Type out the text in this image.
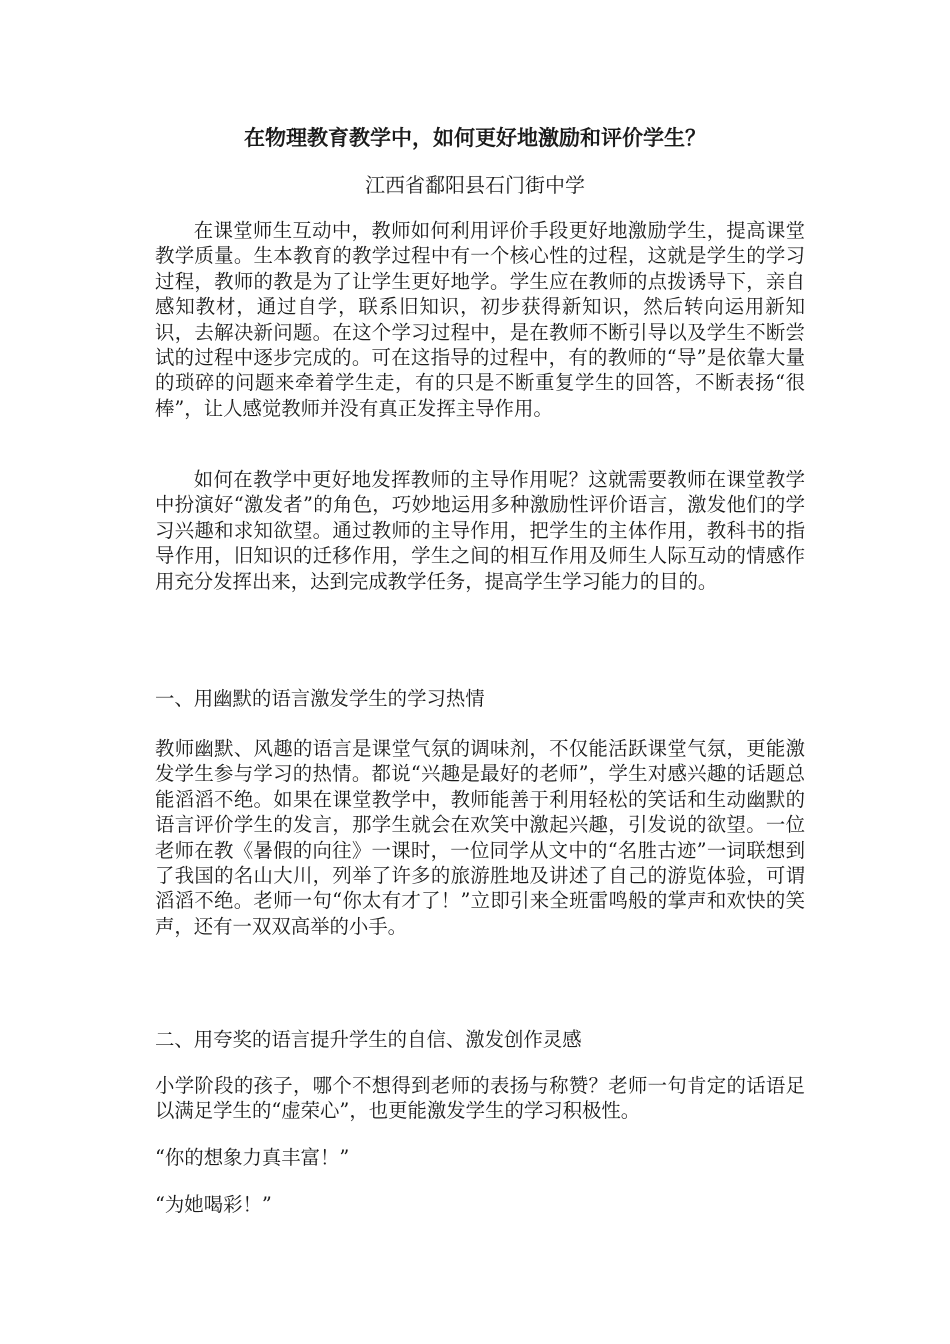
在物理教育教学中，如何更好地激励和评价学生？

江西省鄱阳县石门街中学

在课堂师生互动中，教师如何利用评价手段更好地激励学生，提高课堂教学质量。生本教育的教学过程中有一个核心性的过程，这就是学生的学习过程，教师的教是为了让学生更好地学。学生应在教师的点拨诱导下，亲自感知教材，通过自学，联系旧知识，初步获得新知识，然后转向运用新知识，去解决新问题。在这个学习过程中，是在教师不断引导以及学生不断尝试的过程中逐步完成的。可在这指导的过程中，有的教师的“导”是依靠大量的琐碎的问题来牵着学生走，有的只是不断重复学生的回答，不断表扬“很棒”，让人感觉教师并没有真正发挥主导作用。

如何在教学中更好地发挥教师的主导作用呢？这就需要教师在课堂教学中扮演好“激发者”的角色，巧妙地运用多种激励性评价语言，激发他们的学习兴趣和求知欲望。通过教师的主导作用，把学生的主体作用，教科书的指导作用，旧知识的迁移作用，学生之间的相互作用及师生人际互动的情感作用充分发挥出来，达到完成教学任务，提高学生学习能力的目的。

一、用幽默的语言激发学生的学习热情

教师幽默、风趣的语言是课堂气氛的调味剂，不仅能活跃课堂气氛，更能激发学生参与学习的热情。都说“兴趣是最好的老师”，学生对感兴趣的话题总能滔滔不绝。如果在课堂教学中，教师能善于利用轻松的笑话和生动幽默的语言评价学生的发言，那学生就会在欢笑中激起兴趣，引发说的欲望。一位老师在教《暑假的向往》一课时，一位同学从文中的“名胜古迹”一词联想到了我国的名山大川，列举了许多的旅游胜地及讲述了自己的游览体验，可谓滔滔不绝。老师一句“你太有才了！”立即引来全班雷鸣般的掌声和欢快的笑声，还有一双双高举的小手。

二、用夸奖的语言提升学生的自信、激发创作灵感

小学阶段的孩子，哪个不想得到老师的表扬与称赞？老师一句肯定的话语足以满足学生的“虚荣心”，也更能激发学生的学习积极性。

“你的想象力真丰富！”

“为她喝彩！”
